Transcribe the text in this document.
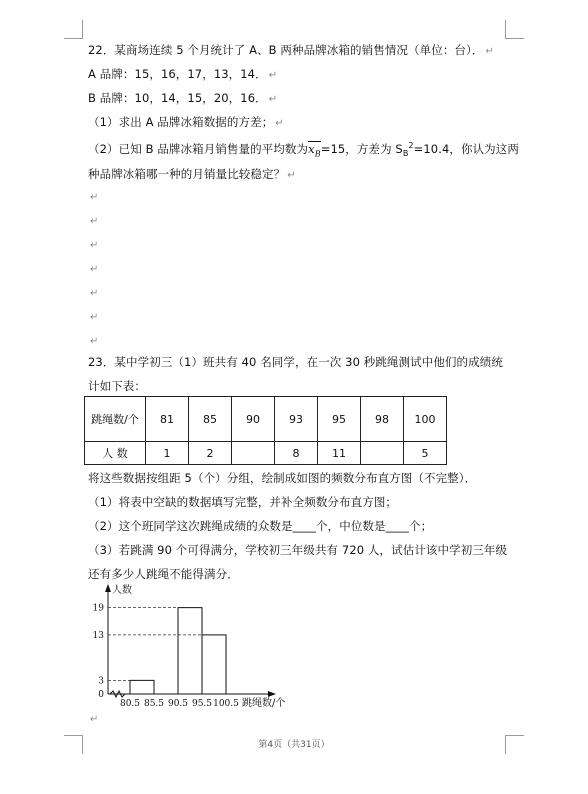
22．某商场连续 5 个月统计了 A、B 两种品牌冰箱的销售情况（单位：台）． ↵
A 品牌：15，16，17，13，14． ↵
B 品牌：10，14，15，20，16． ↵
（1）求出 A 品牌冰箱数据的方差； ↵
（2）已知 B 品牌冰箱月销售量的平均数为$x_B=15$，方差为 $S_B^2=10.4$，你认为这两
种品牌冰箱哪一种的月销量比较稳定？ ↵
↵
↵
↵
↵
↵
↵
↵
23．某中学初三（1）班共有 40 名同学，在一次 30 秒跳绳测试中他们的成绩统
计如下表：
跳绳数/个	81	85	90	93	95	98	100
人 数	1	2		8	11		5
将这些数据按组距 5（个）分组，绘制成如图的频数分布直方图（不完整）．
（1）将表中空缺的数据填写完整，并补全频数分布直方图；
（2）这个班同学这次跳绳成绩的众数是____个，中位数是____个；
（3）若跳满 90 个可得满分，学校初三年级共有 720 人，试估计该中学初三年级
还有多少人跳绳不能得满分．
人数
跳绳数/个
0
3
13
19
80.5 85.5 90.5 95.5 100.5
↵
第4页（共31页）
